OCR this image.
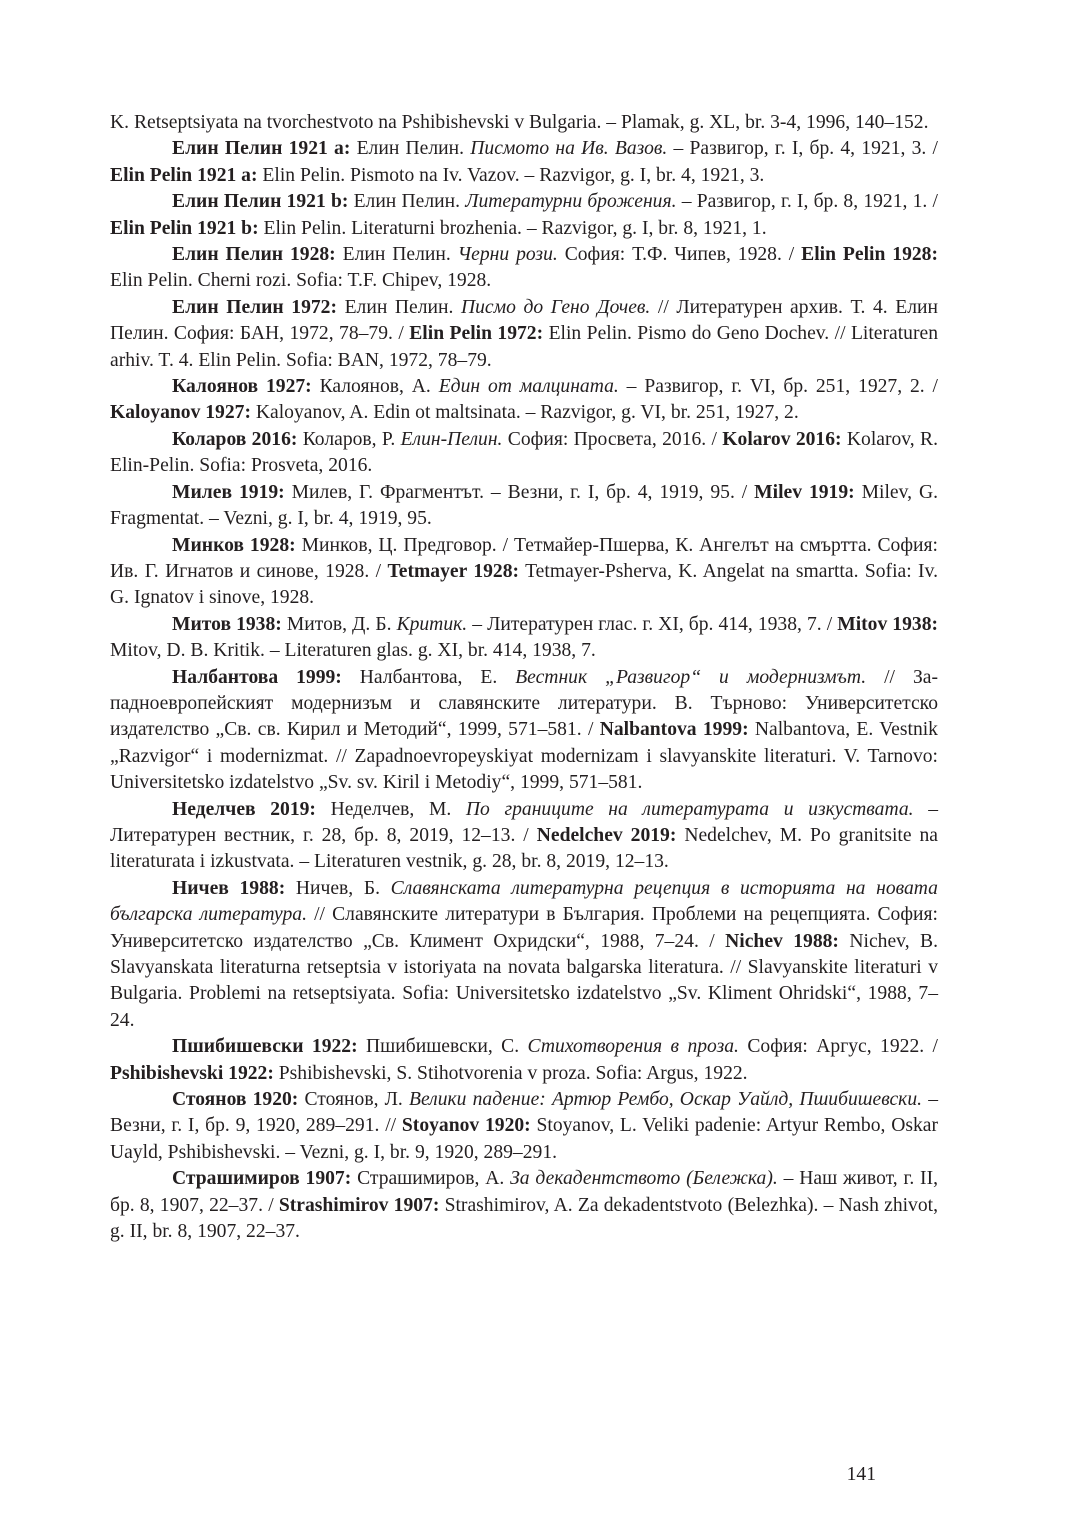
K. Retseptsiyata na tvorchestvoto na Pshibishevski v Bulgaria. – Plamak, g. XL, br. 3-4, 1996, 140–152.

Елин Пелин 1921 a: Елин Пелин. Писмото на Ив. Вазов. – Развигор, г. I, бр. 4, 1921, 3. / Elin Pelin 1921 a: Elin Pelin. Pismoto na Iv. Vazov. – Razvigor, g. I, br. 4, 1921, 3.

Елин Пелин 1921 b: Елин Пелин. Литературни брожения. – Развигор, г. I, бр. 8, 1921, 1. / Elin Pelin 1921 b: Elin Pelin. Literaturni brozhenia. – Razvigor, g. I, br. 8, 1921, 1.

Елин Пелин 1928: Елин Пелин. Черни рози. София: Т.Ф. Чипев, 1928. / Elin Pelin 1928: Elin Pelin. Cherni rozi. Sofia: T.F. Chipev, 1928.

Елин Пелин 1972: Елин Пелин. Писмо до Гено Дочев. // Литературен архив. Т. 4. Елин Пелин. София: БАН, 1972, 78–79. / Elin Pelin 1972: Elin Pelin. Pismo do Geno Dochev. // Literaturen arhiv. T. 4. Elin Pelin. Sofia: BAN, 1972, 78–79.

Калоянов 1927: Калоянов, А. Един от малцината. – Развигор, г. VI, бр. 251, 1927, 2. / Kaloyanov 1927: Kaloyanov, A. Edin ot maltsinata. – Razvigor, g. VI, br. 251, 1927, 2.

Коларов 2016: Коларов, Р. Елин-Пелин. София: Просвета, 2016. / Kolarov 2016: Kolarov, R. Elin-Pelin. Sofia: Prosveta, 2016.

Милев 1919: Милев, Г. Фрагментът. – Везни, г. I, бр. 4, 1919, 95. / Milev 1919: Milev, G. Fragmentat. – Vezni, g. I, br. 4, 1919, 95.

Минков 1928: Минков, Ц. Предговор. / Тетмайер-Пшерва, К. Ангелът на смъртта. София: Ив. Г. Игнатов и синове, 1928. / Tetmayer 1928: Tetmayer-Psherva, K. Angelat na smartta. Sofia: Iv. G. Ignatov i sinove, 1928.

Митов 1938: Митов, Д. Б. Критик. – Литературен глас. г. XI, бр. 414, 1938, 7. / Mitov 1938: Mitov, D. B. Kritik. – Literaturen glas. g. XI, br. 414, 1938, 7.

Налбантова 1999: Налбантова, Е. Вестник „Развигор“ и модернизмът. // Западноевропейският модернизъм и славянските литератури. В. Търново: Университетско издателство „Св. св. Кирил и Методий“, 1999, 571–581. / Nalbantova 1999: Nalbantova, E. Vestnik „Razvigor“ i modernizmat. // Zapadnoevropeyskiyat modernizam i slavyanskite literaturi. V. Tarnovo: Universitetsko izdatelstvo „Sv. sv. Kiril i Metodiy“, 1999, 571–581.

Неделчев 2019: Неделчев, М. По границите на литературата и изкуствата. – Литературен вестник, г. 28, бр. 8, 2019, 12–13. / Nedelchev 2019: Nedelchev, M. Po granitsite na literaturata i izkustvata. – Literaturen vestnik, g. 28, br. 8, 2019, 12–13.

Ничев 1988: Ничев, Б. Славянската литературна рецепция в историята на новата българска литература. // Славянските литератури в България. Проблеми на рецепцията. София: Университетско издателство „Св. Климент Охридски“, 1988, 7–24. / Nichev 1988: Nichev, B. Slavyanskata literaturna retseptsia v istoriyata na novata balgarska literatura. // Slavyanskite literaturi v Bulgaria. Problemi na retseptsiyata. Sofia: Universitetsko izdatelstvo „Sv. Kliment Ohridski“, 1988, 7–24.

Пшибишевски 1922: Пшибишевски, С. Стихотворения в проза. София: Аргус, 1922. / Pshibishevski 1922: Pshibishevski, S. Stihotvorenia v proza. Sofia: Argus, 1922.

Стоянов 1920: Стоянов, Л. Велики падение: Артюр Рембо, Оскар Уайлд, Пшибишевски. – Везни, г. I, бр. 9, 1920, 289–291. // Stoyanov 1920: Stoyanov, L. Veliki padenie: Artyur Rembo, Oskar Uayld, Pshibishevski. – Vezni, g. I, br. 9, 1920, 289–291.

Страшимиров 1907: Страшимиров, А. За декадентството (Бележка). – Наш живот, г. II, бр. 8, 1907, 22–37. / Strashimirov 1907: Strashimirov, A. Za dekadentstvoto (Belezhka). – Nash zhivot, g. II, br. 8, 1907, 22–37.

141
